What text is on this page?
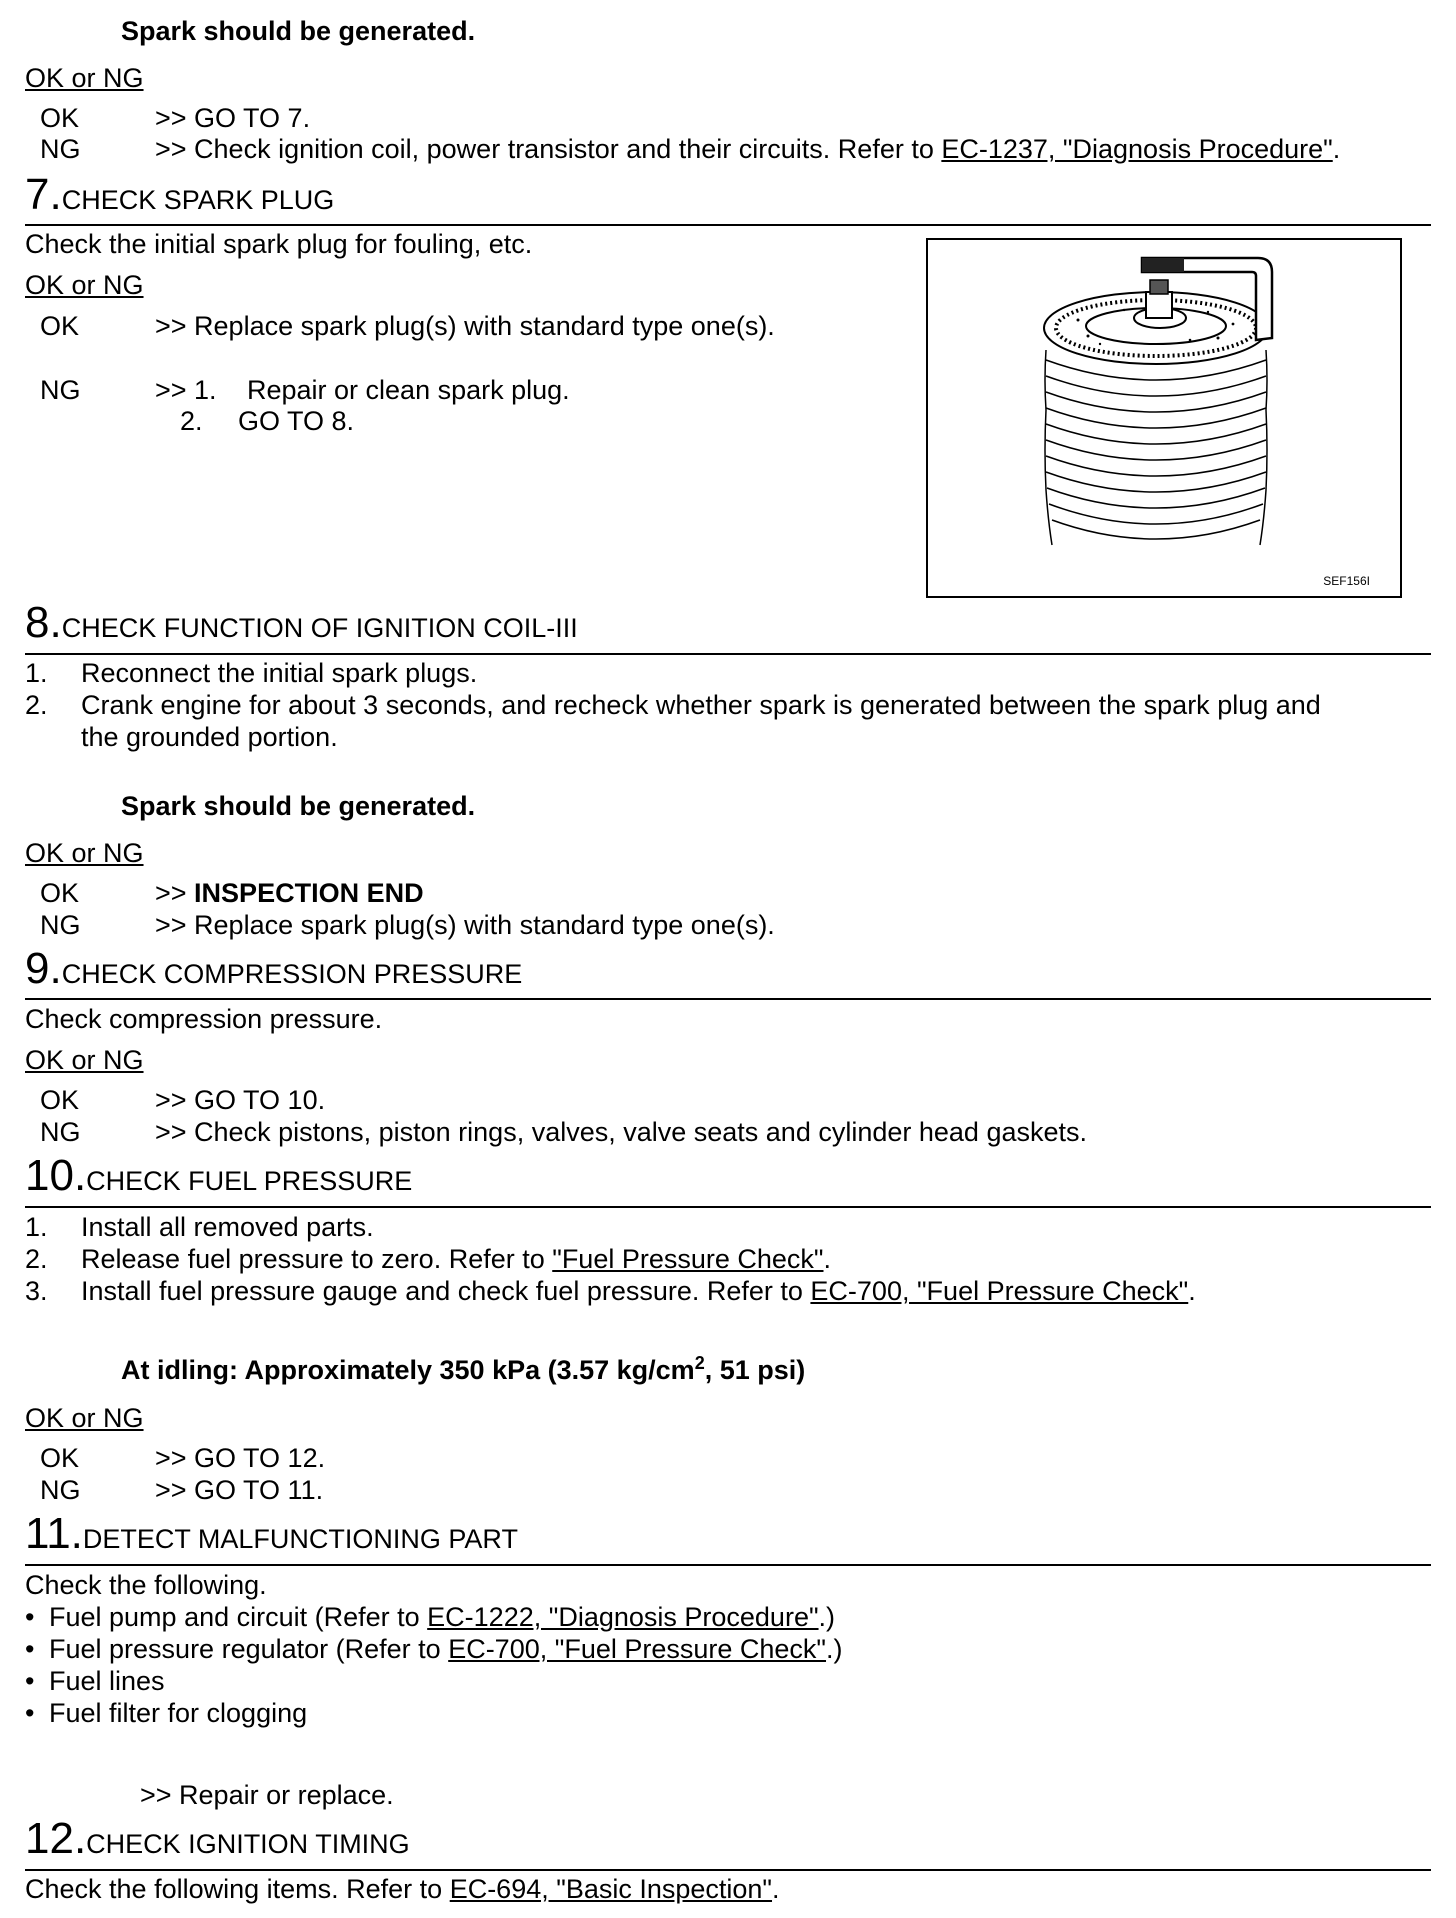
Spark should be generated.
OK or NG
OK	>> GO TO 7.
NG	>> Check ignition coil, power transistor and their circuits. Refer to EC-1237, "Diagnosis Procedure".
7.CHECK SPARK PLUG
Check the initial spark plug for fouling, etc.
OK or NG
OK	>> Replace spark plug(s) with standard type one(s).
NG	>> 1. Repair or clean spark plug.
2. GO TO 8.
SEF156I
8.CHECK FUNCTION OF IGNITION COIL-III
1. Reconnect the initial spark plugs.
2. Crank engine for about 3 seconds, and recheck whether spark is generated between the spark plug and
the grounded portion.
Spark should be generated.
OK or NG
OK	>> INSPECTION END
NG	>> Replace spark plug(s) with standard type one(s).
9.CHECK COMPRESSION PRESSURE
Check compression pressure.
OK or NG
OK	>> GO TO 10.
NG	>> Check pistons, piston rings, valves, valve seats and cylinder head gaskets.
10.CHECK FUEL PRESSURE
1. Install all removed parts.
2. Release fuel pressure to zero. Refer to "Fuel Pressure Check".
3. Install fuel pressure gauge and check fuel pressure. Refer to EC-700, "Fuel Pressure Check".
At idling: Approximately 350 kPa (3.57 $kg/cm^2$, 51 psi)
OK or NG
OK	>> GO TO 12.
NG	>> GO TO 11.
11.DETECT MALFUNCTIONING PART
Check the following.
• Fuel pump and circuit (Refer to EC-1222, "Diagnosis Procedure".)
• Fuel pressure regulator (Refer to EC-700, "Fuel Pressure Check".)
• Fuel lines
• Fuel filter for clogging
>> Repair or replace.
12.CHECK IGNITION TIMING
Check the following items. Refer to EC-694, "Basic Inspection".
